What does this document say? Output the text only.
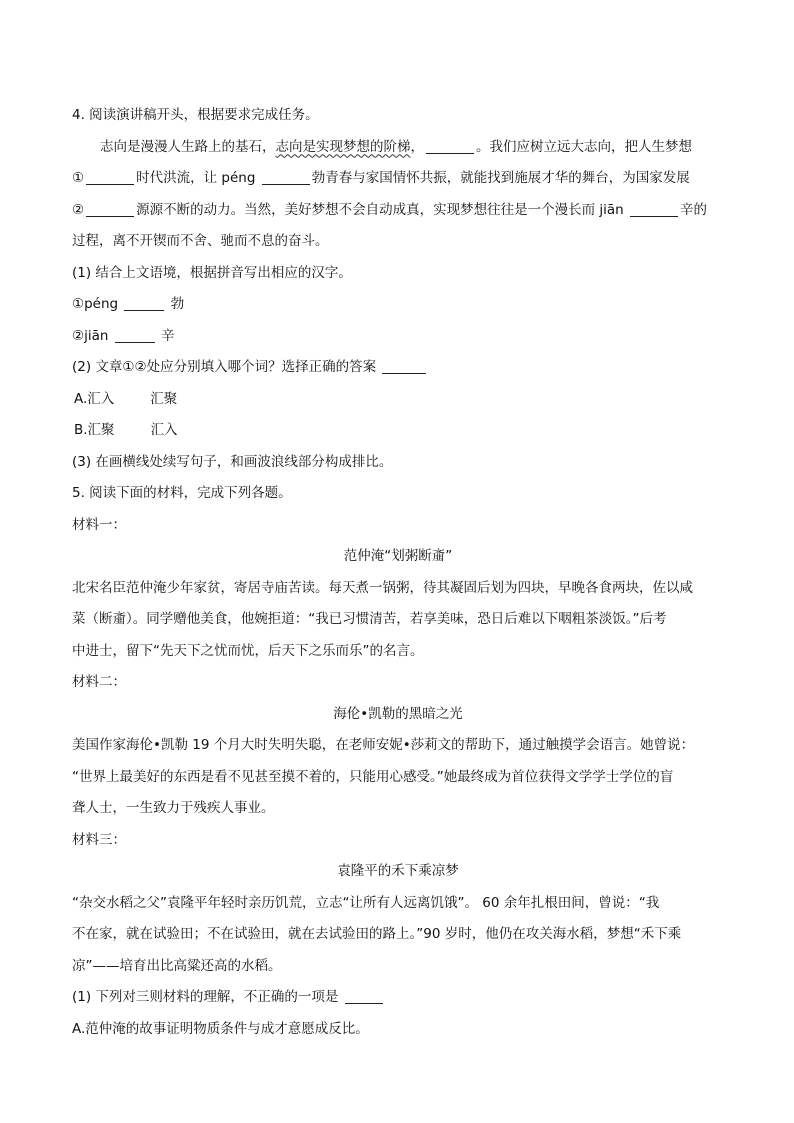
4. 阅读演讲稿开头，根据要求完成任务。
志向是漫漫人生路上的基石，志向是实现梦想的阶梯，	。我们应树立远大志向，把人生梦想
①	时代洪流，让 péng	勃青春与家国情怀共振，就能找到施展才华的舞台，为国家发展
②	源源不断的动力。当然，美好梦想不会自动成真，实现梦想往往是一个漫长而 jiān	辛的
过程，离不开锲而不舍、驰而不息的奋斗。
(1) 结合上文语境，根据拼音写出相应的汉字。
①péng	勃
②jiān	辛
(2) 文章①②处应分别填入哪个词？选择正确的答案
A.汇入	汇聚
B.汇聚	汇入
(3) 在画横线处续写句子，和画波浪线部分构成排比。
5. 阅读下面的材料，完成下列各题。
材料一：
范仲淹“划粥断齑”
北宋名臣范仲淹少年家贫，寄居寺庙苦读。每天煮一锅粥，待其凝固后划为四块，早晚各食两块，佐以咸
菜（断齑）。同学赠他美食，他婉拒道：“我已习惯清苦，若享美味，恐日后难以下咽粗茶淡饭。”后考
中进士，留下“先天下之忧而忧，后天下之乐而乐”的名言。
材料二：
海伦•凯勒的黑暗之光
美国作家海伦•凯勒 19 个月大时失明失聪，在老师安妮•莎莉文的帮助下，通过触摸学会语言。她曾说：
“世界上最美好的东西是看不见甚至摸不着的，只能用心感受。”她最终成为首位获得文学学士学位的盲
聋人士，一生致力于残疾人事业。
材料三：
袁隆平的禾下乘凉梦
“杂交水稻之父”袁隆平年轻时亲历饥荒，立志“让所有人远离饥饿”。 60 余年扎根田间，曾说：“我
不在家，就在试验田；不在试验田，就在去试验田的路上。”90 岁时，他仍在攻关海水稻，梦想“禾下乘
凉”——培育出比高粱还高的水稻。
(1) 下列对三则材料的理解，不正确的一项是
A.范仲淹的故事证明物质条件与成才意愿成反比。
